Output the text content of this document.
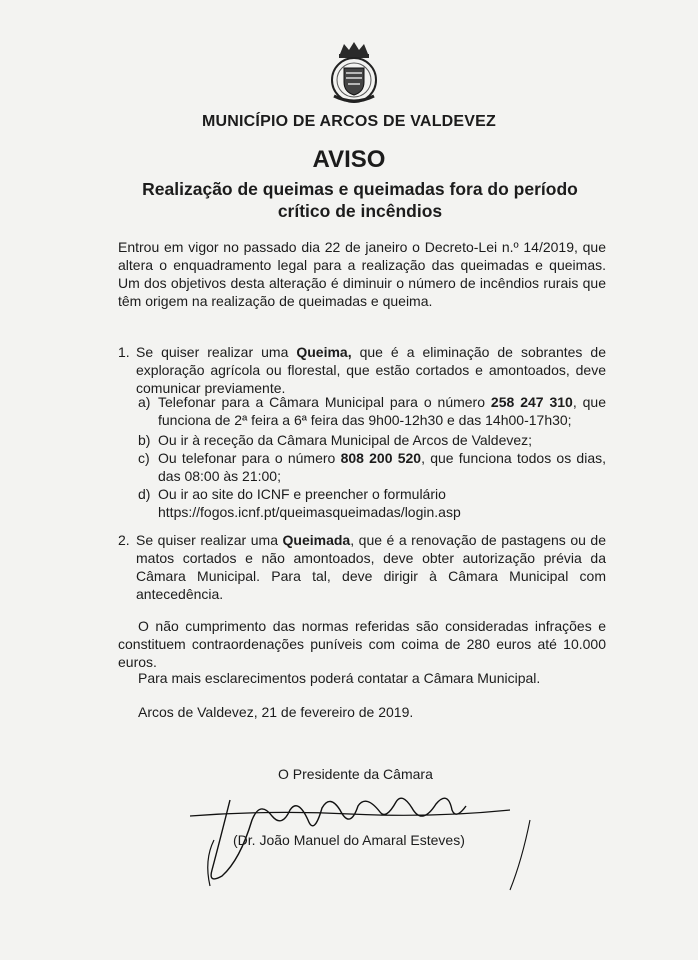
MUNICÍPIO DE ARCOS DE VALDEVEZ
AVISO
Realização de queimas e queimadas fora do período
crítico de incêndios

Entrou em vigor no passado dia 22 de janeiro o Decreto-Lei n.º 14/2019, que altera o enquadramento legal para a realização das queimadas e queimas. Um dos objetivos desta alteração é diminuir o número de incêndios rurais que têm origem na realização de queimadas e queima.

1. Se quiser realizar uma Queima, que é a eliminação de sobrantes de exploração agrícola ou florestal, que estão cortados e amontoados, deve comunicar previamente.
a) Telefonar para a Câmara Municipal para o número 258 247 310, que funciona de 2ª feira a 6ª feira das 9h00-12h30 e das 14h00-17h30;
b) Ou ir à receção da Câmara Municipal de Arcos de Valdevez;
c) Ou telefonar para o número 808 200 520, que funciona todos os dias, das 08:00 às 21:00;
d) Ou ir ao site do ICNF e preencher o formulário
https://fogos.icnf.pt/queimasqueimadas/login.asp
2. Se quiser realizar uma Queimada, que é a renovação de pastagens ou de matos cortados e não amontoados, deve obter autorização prévia da Câmara Municipal. Para tal, deve dirigir à Câmara Municipal com antecedência.

O não cumprimento das normas referidas são consideradas infrações e constituem contraordenações puníveis com coima de 280 euros até 10.000 euros.

Para mais esclarecimentos poderá contatar a Câmara Municipal.

Arcos de Valdevez, 21 de fevereiro de 2019.
O Presidente da Câmara
(Dr. João Manuel do Amaral Esteves)
